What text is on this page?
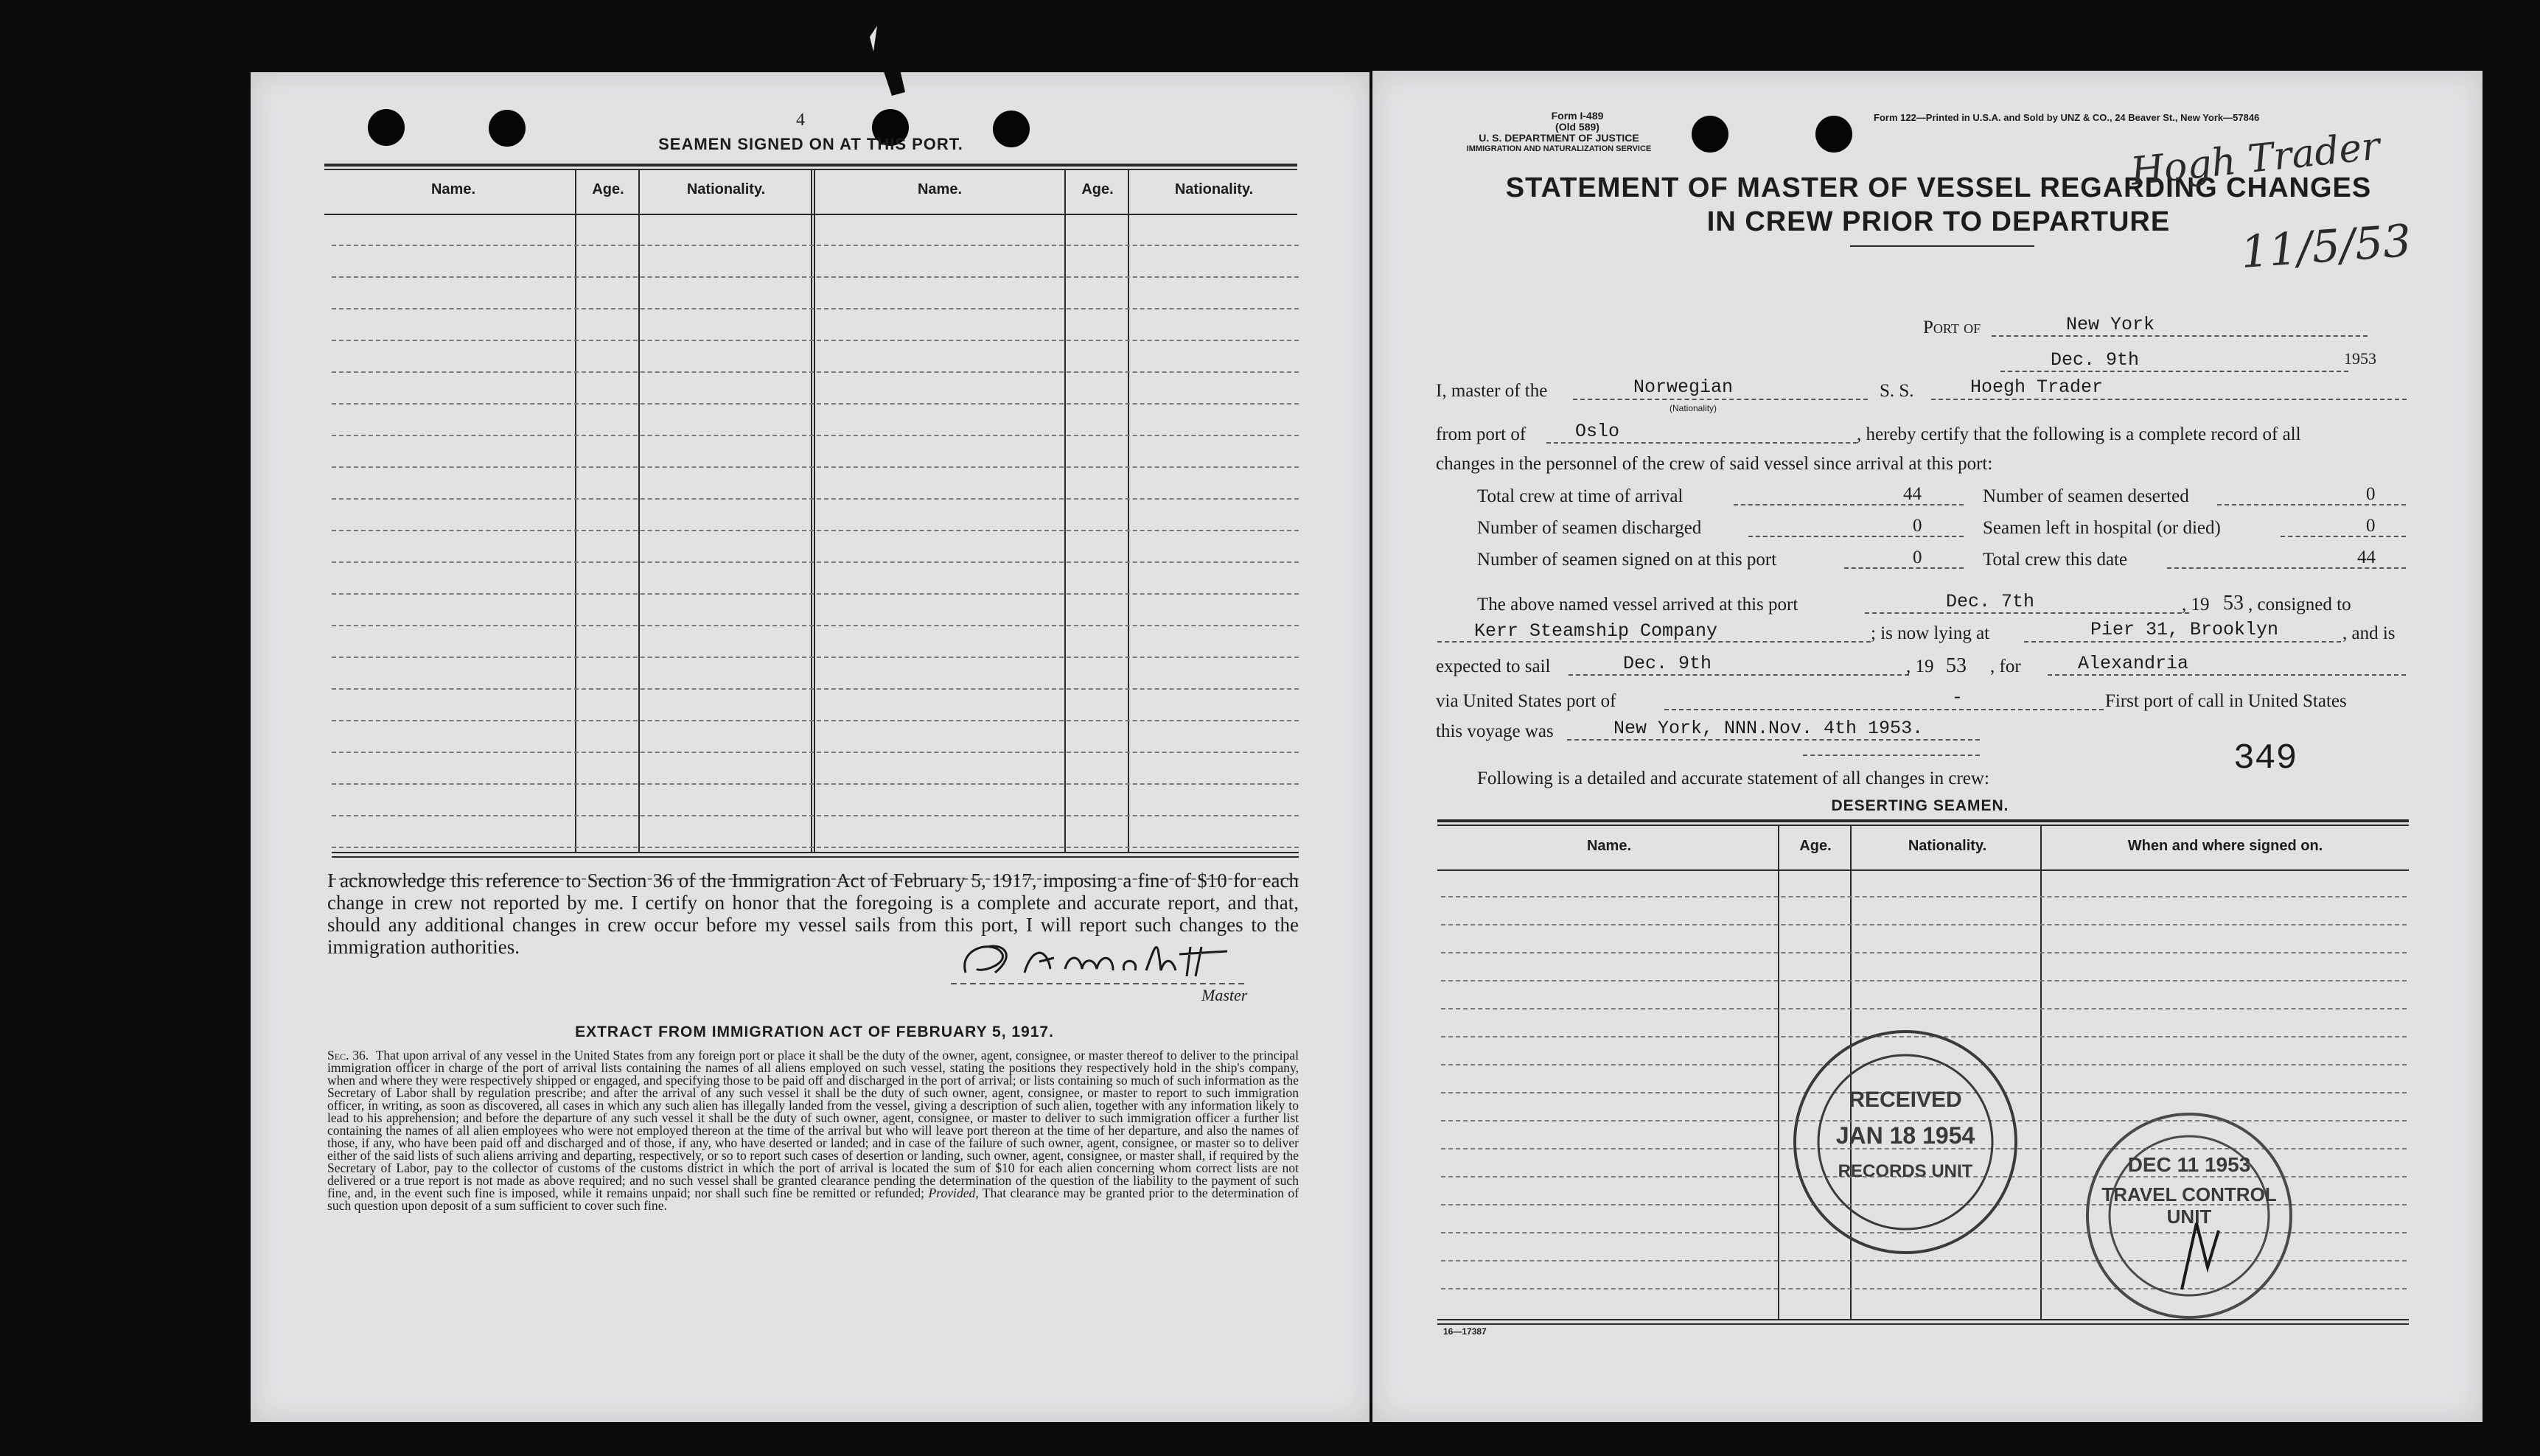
4
SEAMEN SIGNED ON AT THIS PORT.
Name.	Age.	Nationality.	Name.	Age.	Nationality.
I acknowledge this reference to Section 36 of the Immigration Act of February 5, 1917, imposing a fine of $10 for each change in crew not reported by me. I certify on honor that the foregoing is a complete and accurate report, and that, should any additional changes in crew occur before my vessel sails from this port, I will report such changes to the immigration authorities.
Master
EXTRACT FROM IMMIGRATION ACT OF FEBRUARY 5, 1917.
Sec. 36. That upon arrival of any vessel in the United States from any foreign port or place it shall be the duty of the owner, agent, consignee, or master thereof to deliver to the principal immigration officer in charge of the port of arrival lists containing the names of all aliens employed on such vessel, stating the positions they respectively hold in the ship's company, when and where they were respectively shipped or engaged, and specifying those to be paid off and discharged in the port of arrival; or lists containing so much of such information as the Secretary of Labor shall by regulation prescribe; and after the arrival of any such vessel it shall be the duty of such owner, agent, consignee, or master to report to such immigration officer, in writing, as soon as discovered, all cases in which any such alien has illegally landed from the vessel, giving a description of such alien, together with any information likely to lead to his apprehension; and before the departure of any such vessel it shall be the duty of such owner, agent, consignee, or master to deliver to such immigration officer a further list containing the names of all alien employees who were not employed thereon at the time of the arrival but who will leave port thereon at the time of her departure, and also the names of those, if any, who have been paid off and discharged and of those, if any, who have deserted or landed; and in case of the failure of such owner, agent, consignee, or master so to deliver either of the said lists of such aliens arriving and departing, respectively, or so to report such cases of desertion or landing, such owner, agent, consignee, or master shall, if required by the Secretary of Labor, pay to the collector of customs of the customs district in which the port of arrival is located the sum of $10 for each alien concerning whom correct lists are not delivered or a true report is not made as above required; and no such vessel shall be granted clearance pending the determination of the question of the liability to the payment of such fine, and, in the event such fine is imposed, while it remains unpaid; nor shall such fine be remitted or refunded; Provided, That clearance may be granted prior to the determination of such question upon deposit of a sum sufficient to cover such fine.
Form I-489
(Old 589)
U. S. DEPARTMENT OF JUSTICE
IMMIGRATION AND NATURALIZATION SERVICE
Form 122—Printed in U.S.A. and Sold by UNZ & CO., 24 Beaver St., New York—57846
STATEMENT OF MASTER OF VESSEL REGARDING CHANGES
IN CREW PRIOR TO DEPARTURE
Hogh Trader
11/5/53
Port of	New York
Dec. 9th	1953
I, master of the	Norwegian
(Nationality)
S. S.	Hoegh Trader
from port of	Oslo	, hereby certify that the following is a complete record of all
changes in the personnel of the crew of said vessel since arrival at this port:
Total crew at time of arrival	44	Number of seamen deserted	0
Number of seamen discharged	0	Seamen left in hospital (or died)	0
Number of seamen signed on at this port	0	Total crew this date	44
The above named vessel arrived at this port	Dec. 7th	, 19 53 , consigned to
Kerr Steamship Company	; is now lying at	Pier 31, Brooklyn	, and is
expected to sail	Dec. 9th	, 19 53 , for	Alexandria
via United States port of	-	First port of call in United States
this voyage was	New York, NNN.Nov. 4th 1953.
349
Following is a detailed and accurate statement of all changes in crew:
DESERTING SEAMEN.
Name.	Age.	Nationality.	When and where signed on.
16—17387
RECEIVED
JAN 18 1954
RECORDS UNIT	DEC 11 1953
TRAVEL CONTROL
UNIT
